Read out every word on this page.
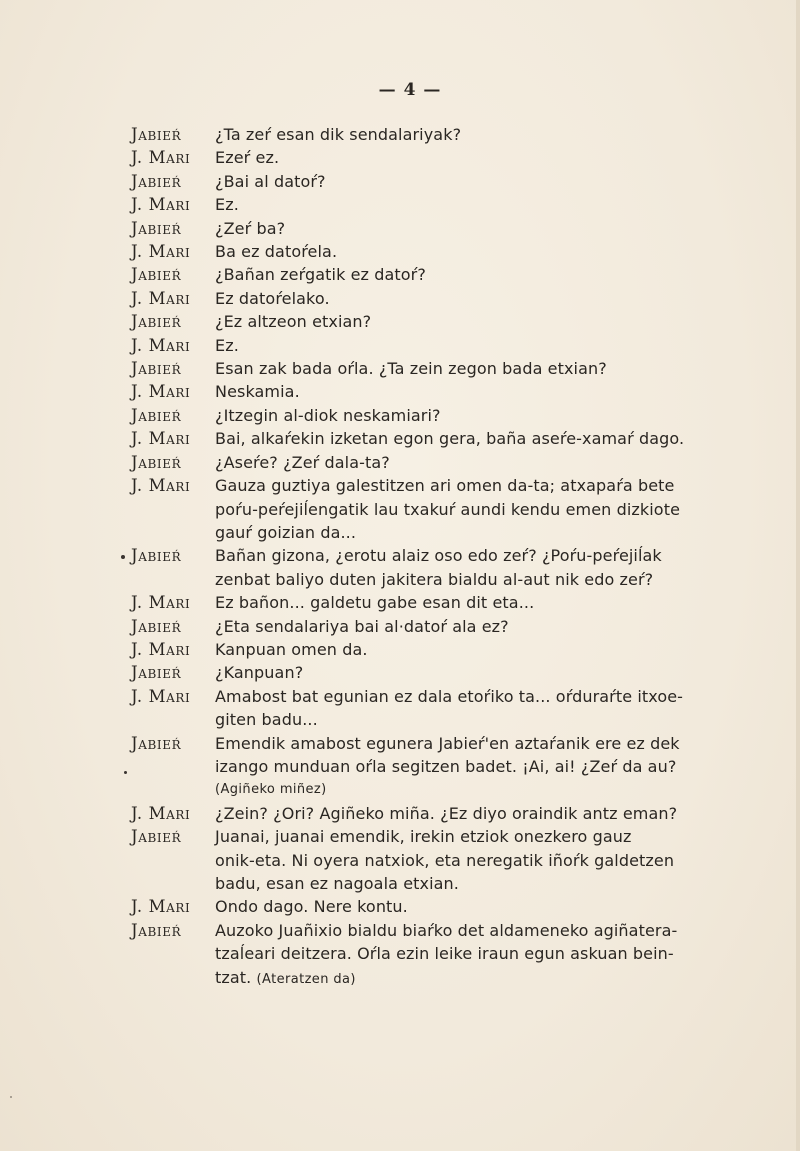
— 4 —
Jabieŕ	¿Ta zeŕ esan dik sendalariyak?

J. Mari	Ezeŕ ez.

Jabieŕ	¿Bai al datoŕ?

J. Mari	Ez.

Jabieŕ	¿Zeŕ ba?

J. Mari	Ba ez datoŕela.

Jabieŕ	¿Bañan zeŕgatik ez datoŕ?

J. Mari	Ez datoŕelako.

Jabieŕ	¿Ez altzeon etxian?

J. Mari	Ez.

Jabieŕ	Esan zak bada oŕla. ¿Ta zein zegon bada etxian?

J. Mari	Neskamia.

Jabieŕ	¿Itzegin al-diok neskamiari?

J. Mari	Bai, alkaŕekin izketan egon gera, baña aseŕe-xamaŕ dago.

Jabieŕ	¿Aseŕe? ¿Zeŕ dala-ta?

J. Mari	Gauza guztiya galestitzen ari omen da-ta; atxapaŕa bete

poŕu-peŕejiĺengatik lau txakuŕ aundi kendu emen dizkiote

gauŕ goizian da...

Jabieŕ	Bañan gizona, ¿erotu alaiz oso edo zeŕ? ¿Poŕu-peŕejiĺak

zenbat baliyo duten jakitera bialdu al-aut nik edo zeŕ?

J. Mari	Ez bañon... galdetu gabe esan dit eta...

Jabieŕ	¿Eta sendalariya bai al·datoŕ ala ez?

J. Mari	Kanpuan omen da.

Jabieŕ	¿Kanpuan?

J. Mari	Amabost bat egunian ez dala etoŕiko ta... oŕduraŕte itxoe-

giten badu...

Jabieŕ	Emendik amabost egunera Jabieŕ'en aztaŕanik ere ez dek

izango munduan oŕla segitzen badet. ¡Ai, ai! ¿Zeŕ da au?

(Agiñeko miñez)
J. Mari	¿Zein? ¿Ori? Agiñeko miña. ¿Ez diyo oraindik antz eman?

Jabieŕ	Juanai, juanai emendik, irekin etziok onezkero gauz

onik-eta. Ni oyera natxiok, eta neregatik iñoŕk galdetzen

badu, esan ez nagoala etxian.

J. Mari	Ondo dago. Nere kontu.

Jabieŕ	Auzoko Juañixio bialdu biaŕko det aldameneko agiñatera-

tzaĺeari deitzera. Oŕla ezin leike iraun egun askuan bein-

tzat. (Ateratzen da)
